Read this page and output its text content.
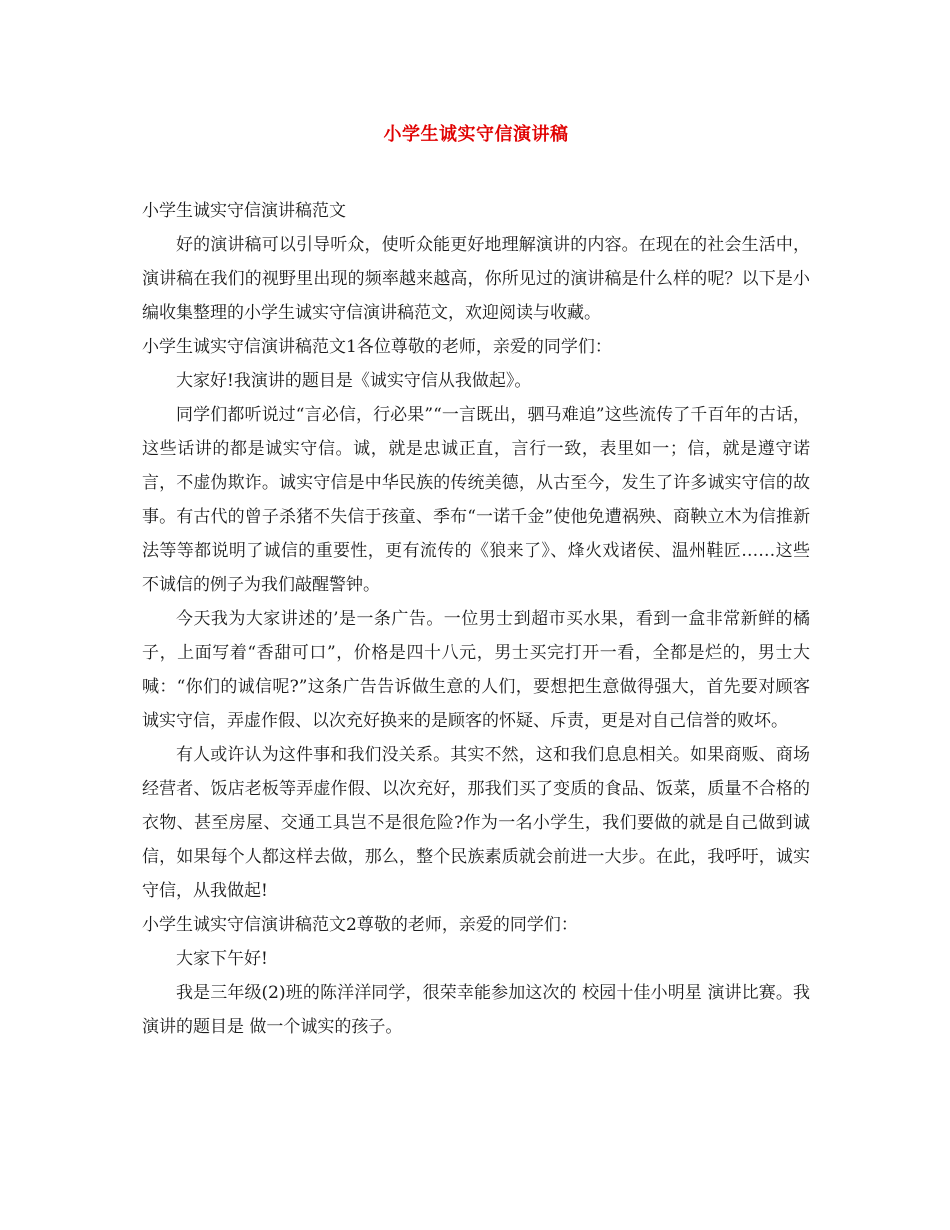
小学生诚实守信演讲稿

小学生诚实守信演讲稿范文

好的演讲稿可以引导听众，使听众能更好地理解演讲的内容。在现在的社会生活中，演讲稿在我们的视野里出现的频率越来越高，你所见过的演讲稿是什么样的呢？以下是小编收集整理的小学生诚实守信演讲稿范文，欢迎阅读与收藏。

小学生诚实守信演讲稿范文1各位尊敬的老师，亲爱的同学们：

大家好!我演讲的题目是《诚实守信从我做起》。

同学们都听说过“言必信，行必果”“一言既出，驷马难追”这些流传了千百年的古话，这些话讲的都是诚实守信。诚，就是忠诚正直，言行一致，表里如一；信，就是遵守诺言，不虚伪欺诈。诚实守信是中华民族的传统美德，从古至今，发生了许多诚实守信的故事。有古代的曾子杀猪不失信于孩童、季布“一诺千金”使他免遭祸殃、商鞅立木为信推新法等等都说明了诚信的重要性，更有流传的《狼来了》、烽火戏诸侯、温州鞋匠……这些不诚信的例子为我们敲醒警钟。

今天我为大家讲述的’是一条广告。一位男士到超市买水果，看到一盒非常新鲜的橘子，上面写着“香甜可口”，价格是四十八元，男士买完打开一看，全都是烂的，男士大喊：“你们的诚信呢?”这条广告告诉做生意的人们，要想把生意做得强大，首先要对顾客诚实守信，弄虚作假、以次充好换来的是顾客的怀疑、斥责，更是对自己信誉的败坏。

有人或许认为这件事和我们没关系。其实不然，这和我们息息相关。如果商贩、商场经营者、饭店老板等弄虚作假、以次充好，那我们买了变质的食品、饭菜，质量不合格的衣物、甚至房屋、交通工具岂不是很危险?作为一名小学生，我们要做的就是自己做到诚信，如果每个人都这样去做，那么，整个民族素质就会前进一大步。在此，我呼吁，诚实守信，从我做起!

小学生诚实守信演讲稿范文2尊敬的老师，亲爱的同学们：

大家下午好!

我是三年级(2)班的陈洋洋同学，很荣幸能参加这次的 校园十佳小明星 演讲比赛。我演讲的题目是 做一个诚实的孩子。
